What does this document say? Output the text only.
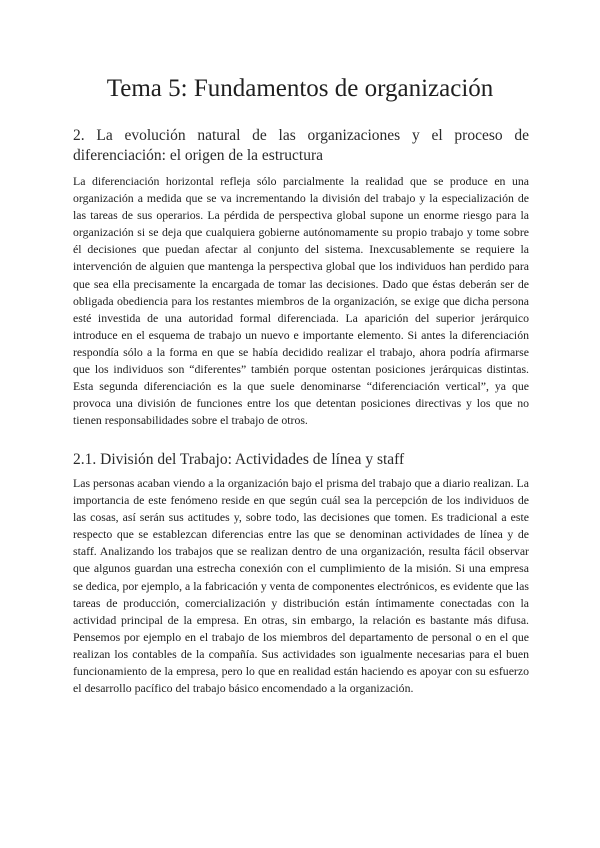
Tema 5: Fundamentos de organización
2. La evolución natural de las organizaciones y el proceso de diferenciación: el origen de la estructura

La diferenciación horizontal refleja sólo parcialmente la realidad que se produce en una organización a medida que se va incrementando la división del trabajo y la especialización de las tareas de sus operarios. La pérdida de perspectiva global supone un enorme riesgo para la organización si se deja que cualquiera gobierne autónomamente su propio trabajo y tome sobre él decisiones que puedan afectar al conjunto del sistema. Inexcusablemente se requiere la intervención de alguien que mantenga la perspectiva global que los individuos han perdido para que sea ella precisamente la encargada de tomar las decisiones. Dado que éstas deberán ser de obligada obediencia para los restantes miembros de la organización, se exige que dicha persona esté investida de una autoridad formal diferenciada. La aparición del superior jerárquico introduce en el esquema de trabajo un nuevo e importante elemento. Si antes la diferenciación respondía sólo a la forma en que se había decidido realizar el trabajo, ahora podría afirmarse que los individuos son “diferentes” también porque ostentan posiciones jerárquicas distintas. Esta segunda diferenciación es la que suele denominarse “diferenciación vertical”, ya que provoca una división de funciones entre los que detentan posiciones directivas y los que no tienen responsabilidades sobre el trabajo de otros.

2.1. División del Trabajo: Actividades de línea y staff

Las personas acaban viendo a la organización bajo el prisma del trabajo que a diario realizan. La importancia de este fenómeno reside en que según cuál sea la percepción de los individuos de las cosas, así serán sus actitudes y, sobre todo, las decisiones que tomen. Es tradicional a este respecto que se establezcan diferencias entre las que se denominan actividades de línea y de staff. Analizando los trabajos que se realizan dentro de una organización, resulta fácil observar que algunos guardan una estrecha conexión con el cumplimiento de la misión. Si una empresa se dedica, por ejemplo, a la fabricación y venta de componentes electrónicos, es evidente que las tareas de producción, comercialización y distribución están íntimamente conectadas con la actividad principal de la empresa. En otras, sin embargo, la relación es bastante más difusa. Pensemos por ejemplo en el trabajo de los miembros del departamento de personal o en el que realizan los contables de la compañía. Sus actividades son igualmente necesarias para el buen funcionamiento de la empresa, pero lo que en realidad están haciendo es apoyar con su esfuerzo el desarrollo pacífico del trabajo básico encomendado a la organización.
